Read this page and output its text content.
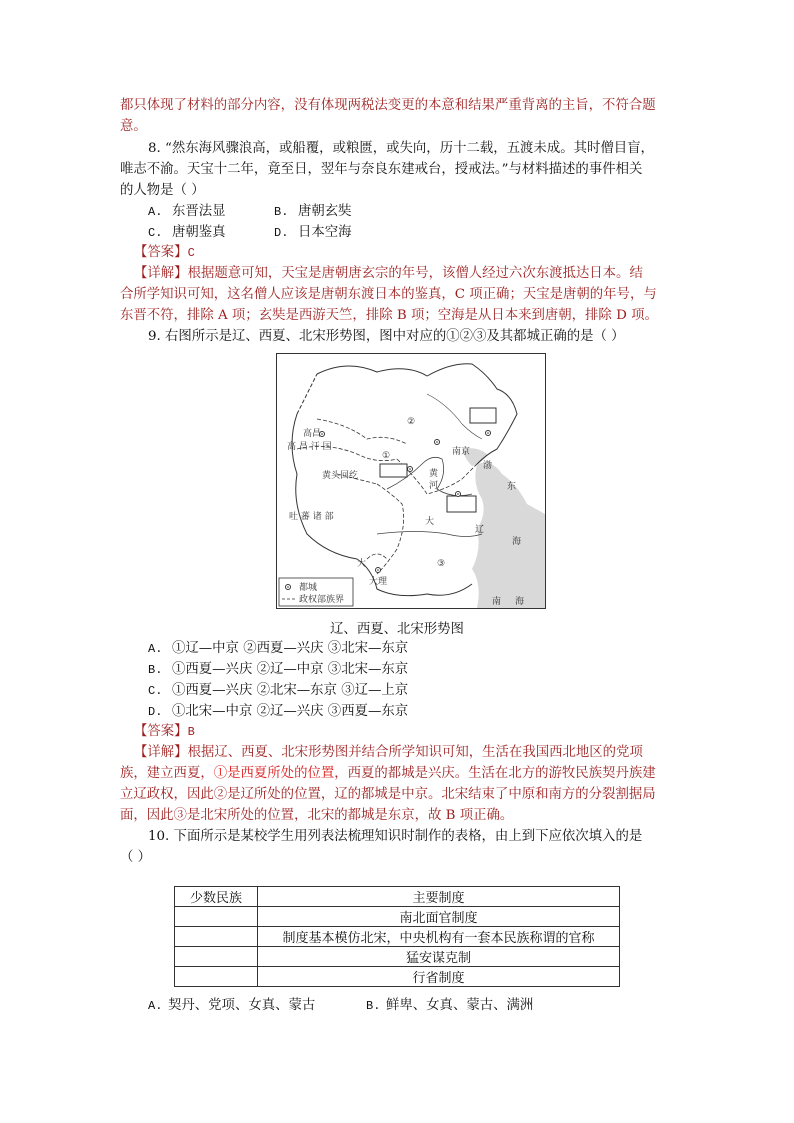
都只体现了材料的部分内容，没有体现两税法变更的本意和结果严重背离的主旨，不符合题
意。
8. “然东海风骤浪高，或船覆，或粮匮，或失向，历十二载，五渡未成。其时僧目盲，
唯志不渝。天宝十二年，竟至日，翌年与奈良东建戒台，授戒法。”与材料描述的事件相关
的人物是（ ）
A. 东晋法显	B. 唐朝玄奘
C. 唐朝鉴真	D. 日本空海
【答案】C
【详解】根据题意可知，天宝是唐朝唐玄宗的年号，该僧人经过六次东渡抵达日本。结
合所学知识可知，这名僧人应该是唐朝东渡日本的鉴真，C 项正确；天宝是唐朝的年号，与
东晋不符，排除 A 项；玄奘是西游天竺，排除 B 项；空海是从日本来到唐朝，排除 D 项。
9. 右图所示是辽、西夏、北宋形势图，图中对应的①②③及其都城正确的是（ ）
高昌
高 昌 汗 国
②
①
黄头回纥
南京
吐 蕃 诸 部	大
辽
③
大理
大
东
海
黄
河
渤
南 海
都城
政权部族界
辽、西夏、北宋形势图
A. ①辽—中京 ②西夏—兴庆 ③北宋—东京
B. ①西夏—兴庆 ②辽—中京 ③北宋—东京
C. ①西夏—兴庆 ②北宋—东京 ③辽—上京
D. ①北宋—中京 ②辽—兴庆 ③西夏—东京
【答案】B
【详解】根据辽、西夏、北宋形势图并结合所学知识可知，生活在我国西北地区的党项
族，建立西夏，①是西夏所处的位置，西夏的都城是兴庆。生活在北方的游牧民族契丹族建
立辽政权，因此②是辽所处的位置，辽的都城是中京。北宋结束了中原和南方的分裂割据局
面，因此③是北宋所处的位置，北宋的都城是东京，故 B 项正确。
10. 下面所示是某校学生用列表法梳理知识时制作的表格，由上到下应依次填入的是
（ ）
少数民族	主要制度
	南北面官制度
	制度基本模仿北宋，中央机构有一套本民族称谓的官称
	猛安谋克制
	行省制度
A. 契丹、党项、女真、蒙古	B. 鲜卑、女真、蒙古、满洲
